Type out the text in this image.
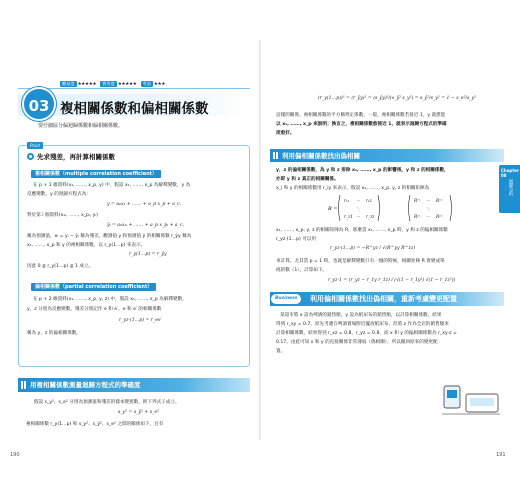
難易度 ★★★★★	實用度 ★★★★★	考試 ★★★
03 複相關係數和偏相關係數
要仔細區分偏迴歸係數和偏相關係數。
Point
先求殘差，再計算相關係數
複相關係數（multiple correlation coefficient）
在 p + 1 維資料(x₁, ……, x_p, y) 中，假設 x₁, ……, x_p 為解釋變數，y 為
反應變數，y 的迴歸方程式為：
y = a₀x₁ + …… + a_p x_p + a_c，
對於第 i 個資料(x₁ᵢ, ……, x_pᵢ, yᵢ)
ŷᵢ = a₀x₁ᵢ + …… + a_p x_pᵢ + a_c，
稱為預測值，eᵢ = yᵢ − ŷᵢ 稱為殘差。觀測值 y 和預測值 ŷ 的相關係數 r_ŷy 稱為
x₁, ……, x_p 和 y 的複相關係數，以 r_y(1…p) 來表示。
r_y(1…p) = r_ŷy
因此 0 ≦ r_y(1…p) ≦ 1 成立。
偏相關係數（partial correlation coefficient）
在 p + 2 維資料(x₁, ……, x_p, y, z) 中，假設 x₁, ……, x_p 為解釋變數，
y，z 分別為反應變數。殘差分別記作 e 和 e′，e 和 e′ 的相關係數
r_yz·(1…p) = r_ee′
稱為 y，z 的偏相關係數。
用複相關係數測量迴歸方程式的準確度
假設 s_y²、s_e² 分別為預測值和殘差的樣本變異數，則下列式子成立。
s_y² = s_ŷ² + s_e²
複相關係數 r_y(1…p) 和 s_y²、s_ŷ²、s_e² 之間的關係如下，且有
190
(r_y(1…p))² = (r_ŷy)² = (s_ŷy)²/(s_ŷ² s_y²) = s_ŷ²/s_y² = 1 − s_e²/s_y²
這樣的關係。複相關係數的平方稱判定係數，一般，複相關係數若接近 1，y 就愈能
以 x₁, ……, x_p 來說明；換言之，複相關係數愈接近 1，就表示迴歸方程式的準確
度愈好。
利用偏相關係數找出偽相關
y，z 的偏相關係數，為 y 和 z 排除 x₁, ……, x_p 的影響後，y 和 z 的相關係數，
亦即 y 和 z 真正的相關關係。
x_i 和 y 的相關係數用 r_iy 來表示，假設 x₁, ……, x_p, y, z 的相關矩陣為
R =
r₁₁ ⋯ r₁z
⋱
r_z1 ⋯ r_zz
R¹¹ ⋯ R¹ᶻ
⋱
Rᶻ¹ ⋯ Rᶻᶻ
x₁, ……, x_p, y, z 的相關矩陣為 R，那麼當 x₁, ……, x_p 時，y 和 z 的偏相關係數
r_yz·(1…p) 可以用
r_yz·(1…p) = −R^yz / √(R^yy R^zz)
來計算。尤其當 p = 1 時，也就是解釋變數只有一個的時候，相關矩陣 R 會變成單
純的數（1），計算如下。
r_yz·1 = (r_yz − r_1y r_1z) / (√(1 − r_1y²) √(1 − r_1z²))
Business	利用偏相關係數找出偽相關，重新考慮變更配置
某超市將 x 設為啤酒的銷售額，y 設為紙尿布的銷售額，以計算相關係數，結果
得到 r_xy = 0.7。原先考慮在啤酒賣場附近擺放紙尿布，但將 z 作為全店的銷售額來
計算相關係數，結果得到 r_xz = 0.8，r_yz = 0.8，而 x 和 y 的偏相關係數為 r_xy·z =
0.17。由此可知 x 和 y 的直接關係非常薄弱（偽相關），所以撤回原來的變更配
置。
Chapter 08
迴歸分析
191
